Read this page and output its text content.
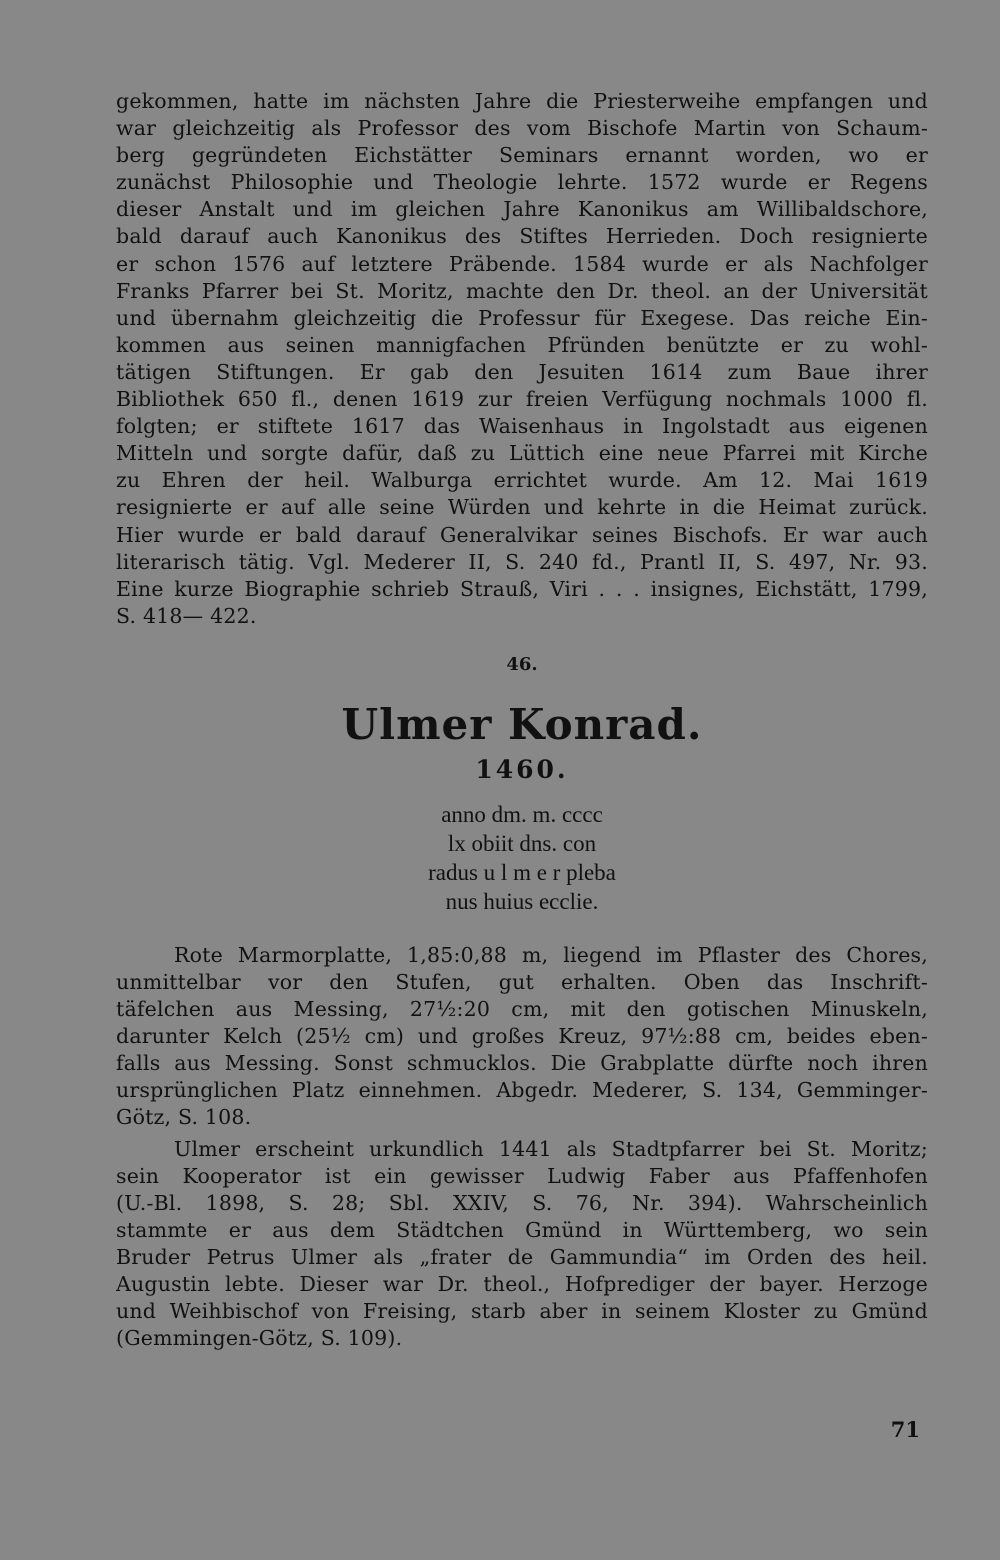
gekommen, hatte im nächsten Jahre die Priesterweihe empfangen und
war gleichzeitig als Professor des vom Bischofe Martin von Schaum-
berg gegründeten Eichstätter Seminars ernannt worden, wo er
zunächst Philosophie und Theologie lehrte. 1572 wurde er Regens
dieser Anstalt und im gleichen Jahre Kanonikus am Willibaldschore,
bald darauf auch Kanonikus des Stiftes Herrieden. Doch resignierte
er schon 1576 auf letztere Präbende. 1584 wurde er als Nachfolger
Franks Pfarrer bei St. Moritz, machte den Dr. theol. an der Universität
und übernahm gleichzeitig die Professur für Exegese. Das reiche Ein-
kommen aus seinen mannigfachen Pfründen benützte er zu wohl-
tätigen Stiftungen. Er gab den Jesuiten 1614 zum Baue ihrer
Bibliothek 650 fl., denen 1619 zur freien Verfügung nochmals 1000 fl.
folgten; er stiftete 1617 das Waisenhaus in Ingolstadt aus eigenen
Mitteln und sorgte dafür, daß zu Lüttich eine neue Pfarrei mit Kirche
zu Ehren der heil. Walburga errichtet wurde. Am 12. Mai 1619
resignierte er auf alle seine Würden und kehrte in die Heimat zurück.
Hier wurde er bald darauf Generalvikar seines Bischofs. Er war auch
literarisch tätig. Vgl. Mederer II, S. 240 fd., Prantl II, S. 497, Nr. 93.
Eine kurze Biographie schrieb Strauß, Viri . . . insignes, Eichstätt, 1799,
S. 418— 422.
46.
Ulmer Konrad.
1460.
anno dm. m. cccc
lx obiit dns. con
radus u l m e r pleba
nus huius ecclie.
Rote Marmorplatte, 1,85:0,88 m, liegend im Pflaster des Chores,
unmittelbar vor den Stufen, gut erhalten. Oben das Inschrift-
täfelchen aus Messing, 27½:20 cm, mit den gotischen Minuskeln,
darunter Kelch (25½ cm) und großes Kreuz, 97½:88 cm, beides eben-
falls aus Messing. Sonst schmucklos. Die Grabplatte dürfte noch ihren
ursprünglichen Platz einnehmen. Abgedr. Mederer, S. 134, Gemminger-
Götz, S. 108.
Ulmer erscheint urkundlich 1441 als Stadtpfarrer bei St. Moritz;
sein Kooperator ist ein gewisser Ludwig Faber aus Pfaffenhofen
(U.-Bl. 1898, S. 28; Sbl. XXIV, S. 76, Nr. 394). Wahrscheinlich
stammte er aus dem Städtchen Gmünd in Württemberg, wo sein
Bruder Petrus Ulmer als „frater de Gammundia“ im Orden des heil.
Augustin lebte. Dieser war Dr. theol., Hofprediger der bayer. Herzoge
und Weihbischof von Freising, starb aber in seinem Kloster zu Gmünd
(Gemmingen-Götz, S. 109).
71
